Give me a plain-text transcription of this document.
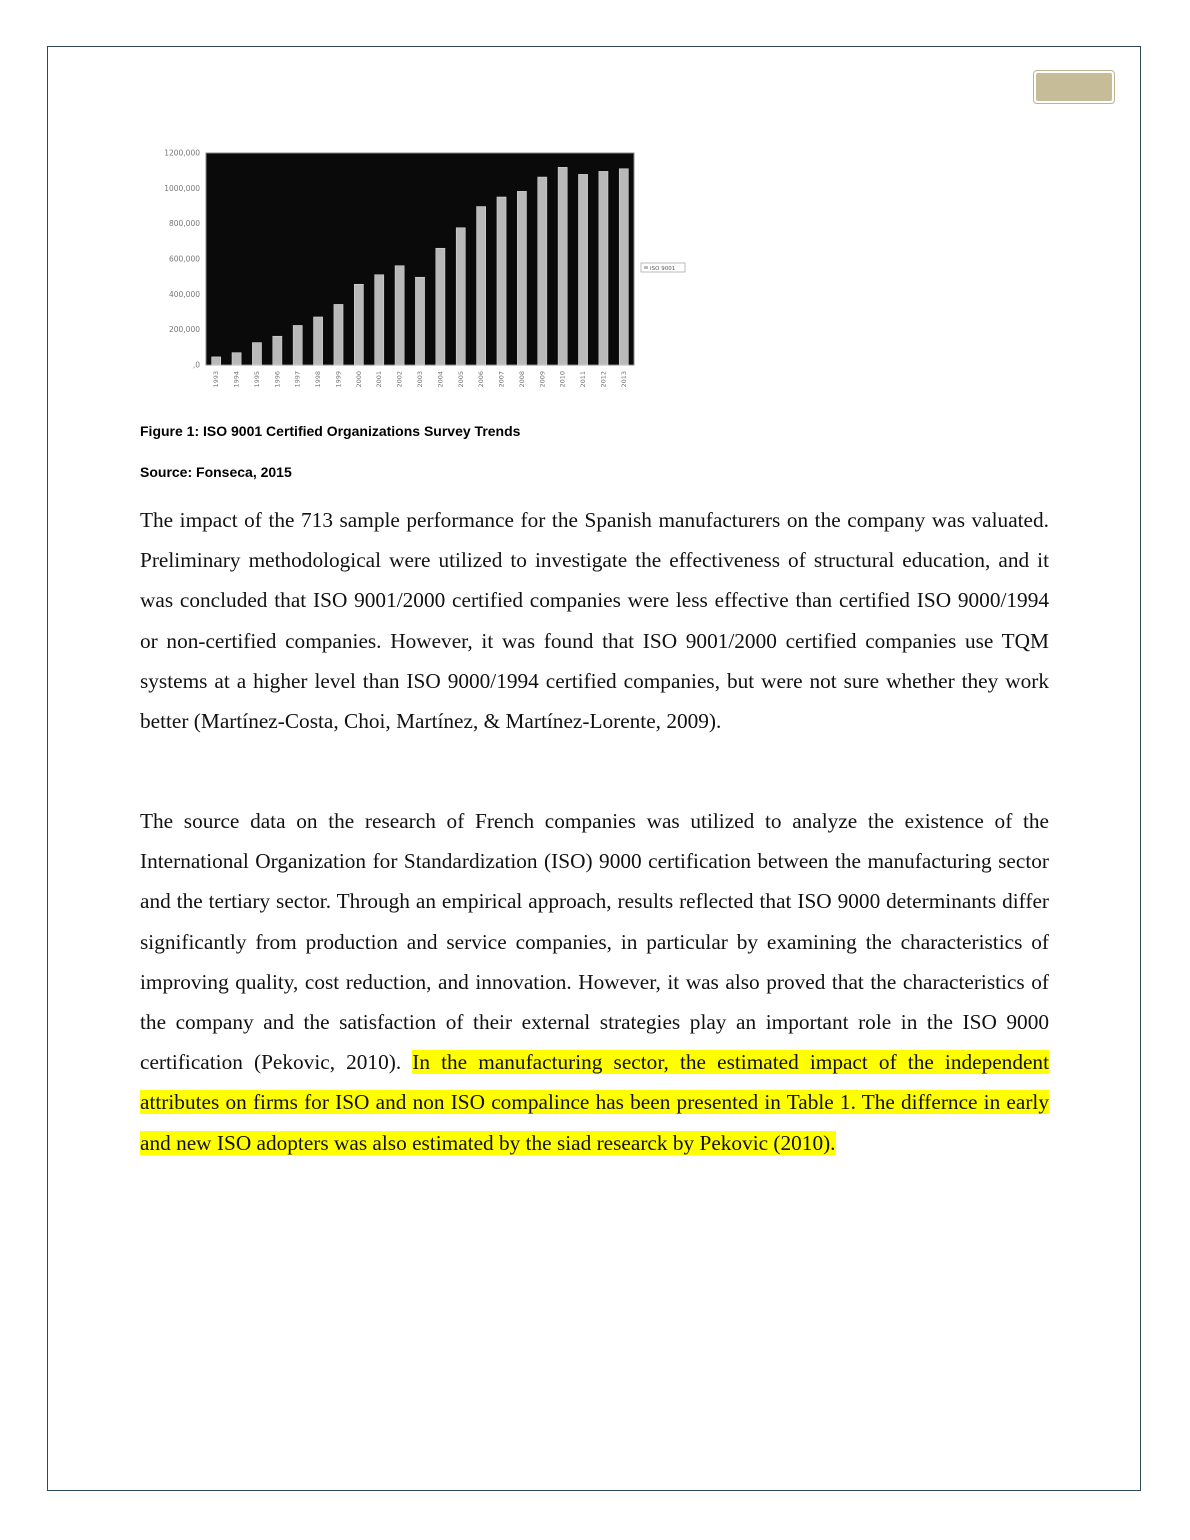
1200,000
1000,000
800,000
600,000
400,000
200,000
,0
1993 1994 1995 1996 1997 1998 1999 2000 2001 2002 2003 2004 2005 2006 2007 2008 2009 2010 2011 2012 2013
ISO 9001

Figure 1: ISO 9001 Certified Organizations Survey Trends

Source: Fonseca, 2015

The impact of the 713 sample performance for the Spanish manufacturers on the company was valuated. Preliminary methodological were utilized to investigate the effectiveness of structural education, and it was concluded that ISO 9001/2000 certified companies were less effective than certified ISO 9000/1994 or non-certified companies. However, it was found that ISO 9001/2000 certified companies use TQM systems at a higher level than ISO 9000/1994 certified companies, but were not sure whether they work better (Martínez-Costa, Choi, Martínez, & Martínez-Lorente, 2009).

The source data on the research of French companies was utilized to analyze the existence of the International Organization for Standardization (ISO) 9000 certification between the manufacturing sector and the tertiary sector. Through an empirical approach, results reflected that ISO 9000 determinants differ significantly from production and service companies, in particular by examining the characteristics of improving quality, cost reduction, and innovation. However, it was also proved that the characteristics of the company and the satisfaction of their external strategies play an important role in the ISO 9000 certification (Pekovic, 2010). In the manufacturing sector, the estimated impact of the independent attributes on firms for ISO and non ISO compalince has been presented in Table 1. The differnce in early and new ISO adopters was also estimated by the siad researck by Pekovic (2010).
